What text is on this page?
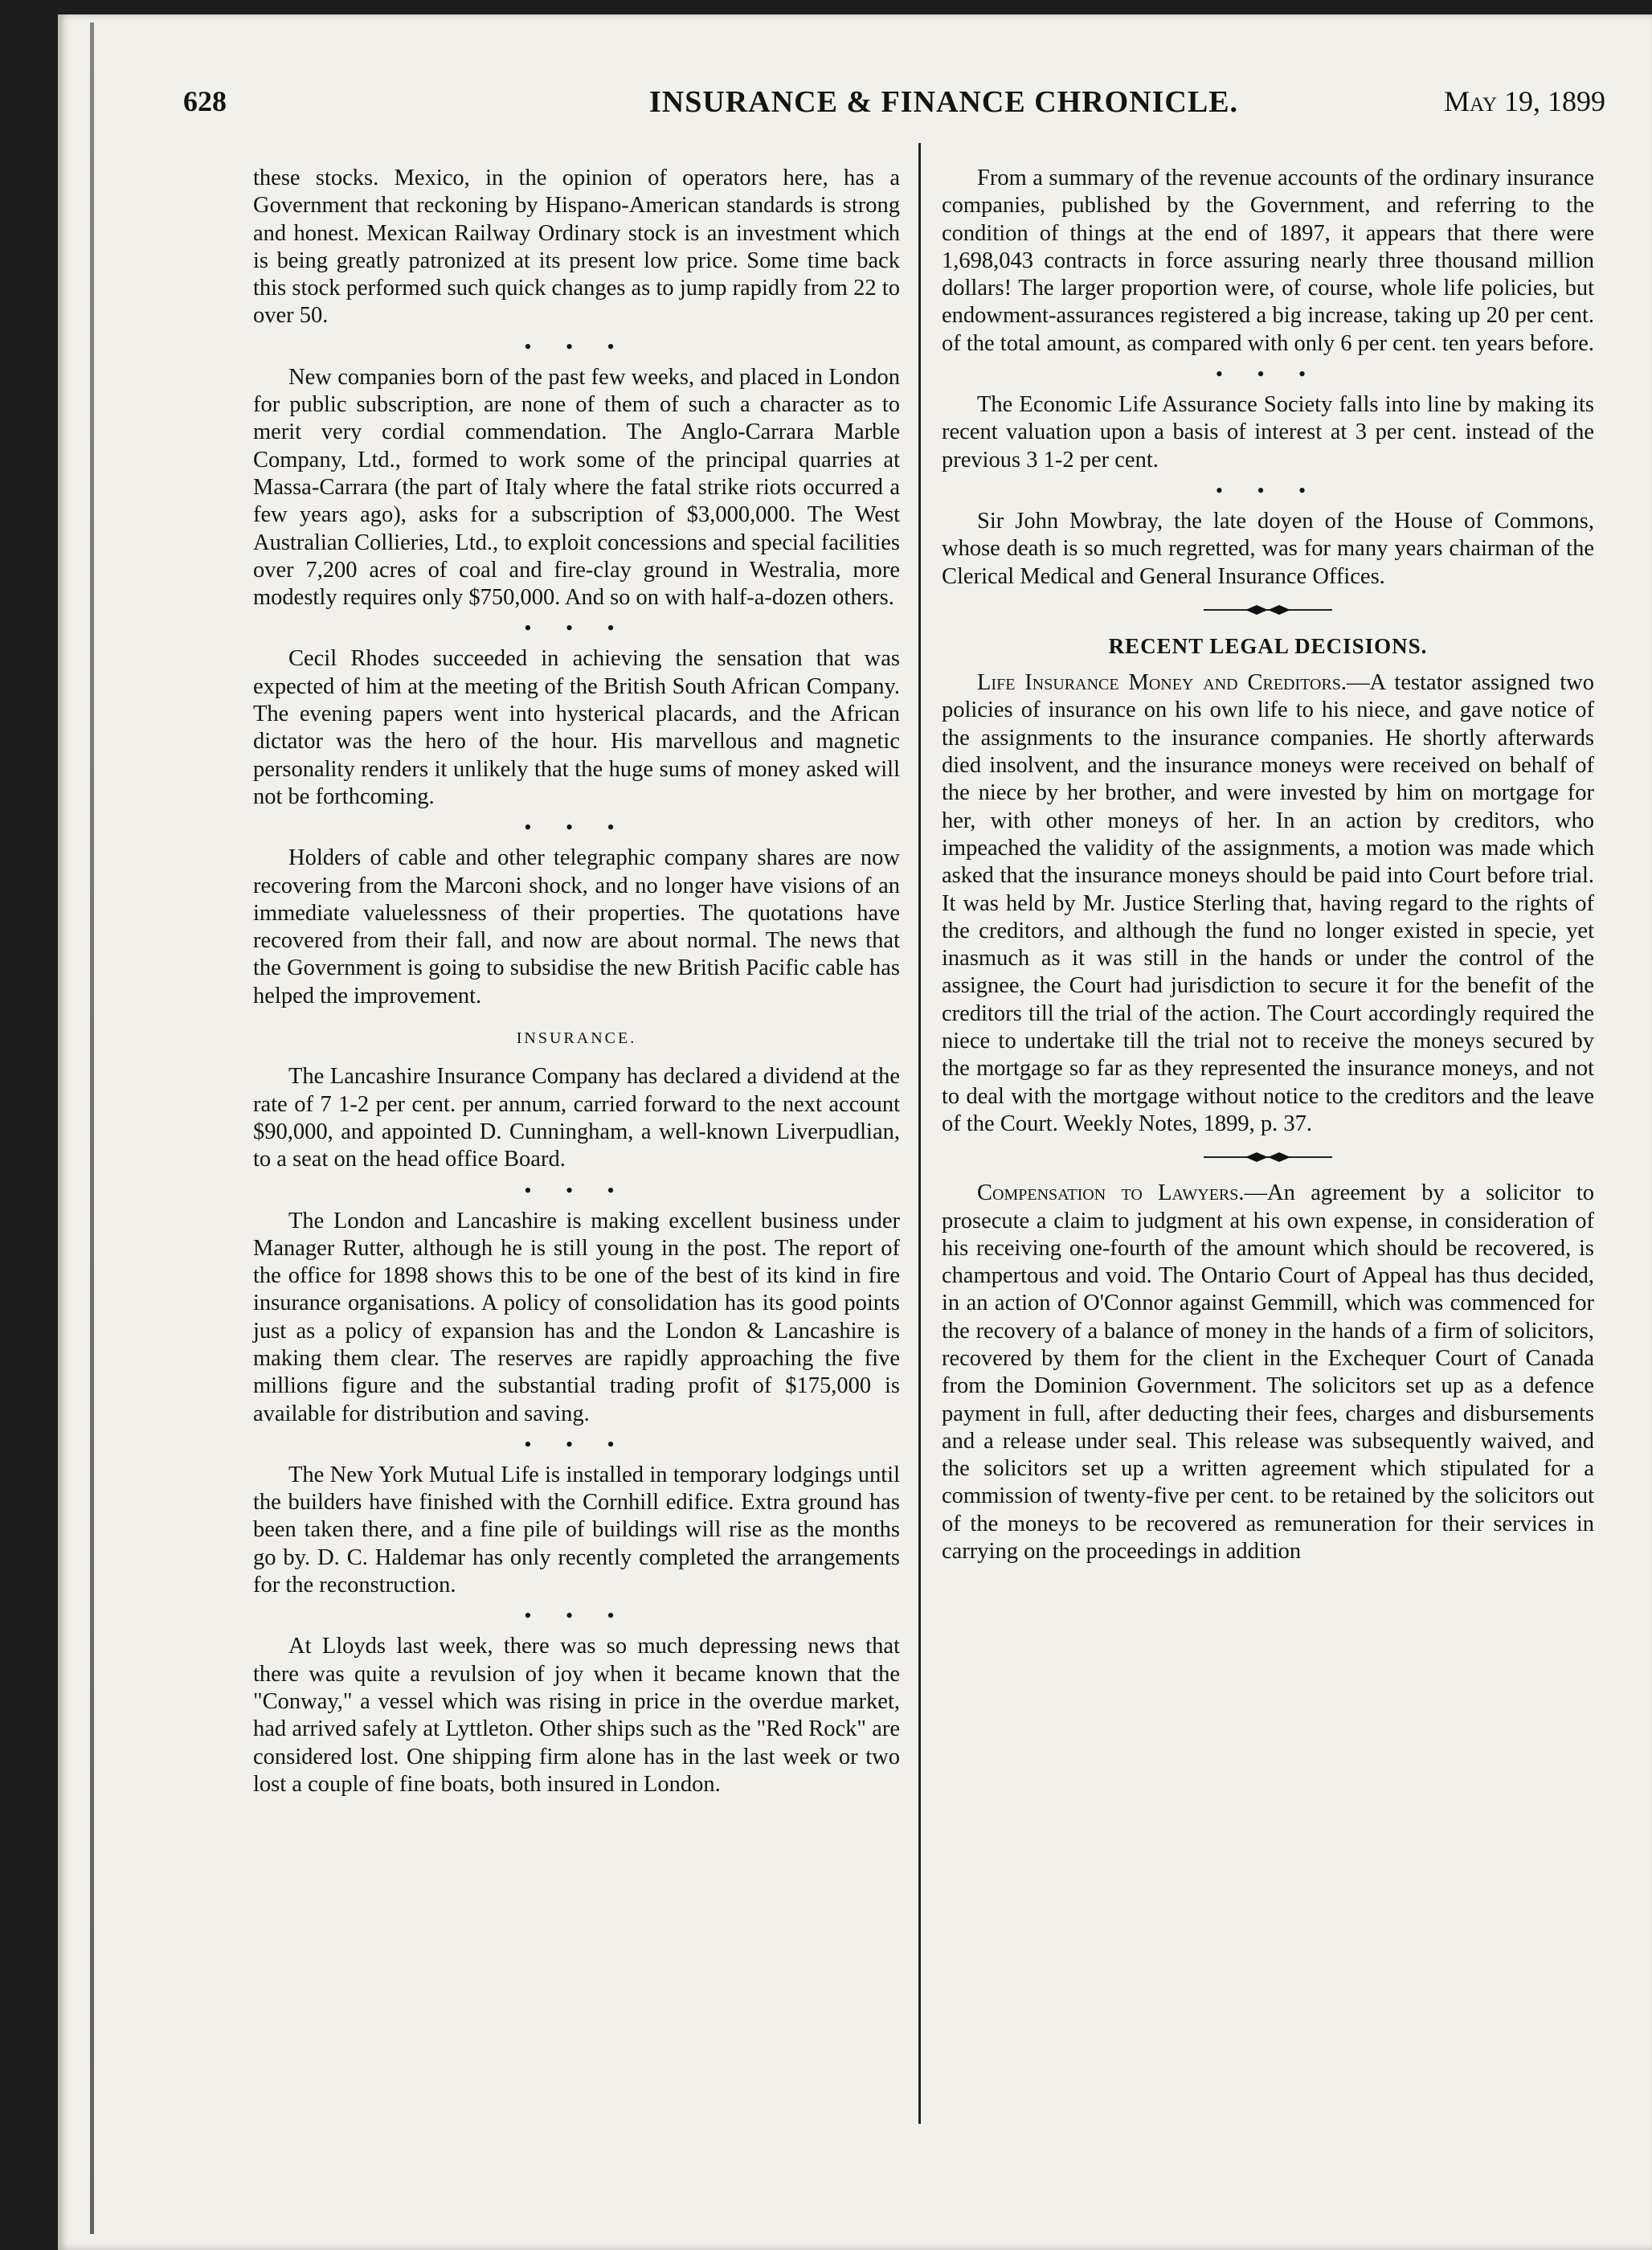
628	INSURANCE & FINANCE CHRONICLE.	May 19, 1899

these stocks. Mexico, in the opinion of operators here, has a Government that reckoning by Hispano-American standards is strong and honest. Mexican Railway Ordinary stock is an investment which is being greatly patronized at its present low price. Some time back this stock performed such quick changes as to jump rapidly from 22 to over 50.

• • •

New companies born of the past few weeks, and placed in London for public subscription, are none of them of such a character as to merit very cordial commendation. The Anglo-Carrara Marble Company, Ltd., formed to work some of the principal quarries at Massa-Carrara (the part of Italy where the fatal strike riots occurred a few years ago), asks for a subscription of $3,000,000. The West Australian Collieries, Ltd., to exploit concessions and special facilities over 7,200 acres of coal and fire-clay ground in Westralia, more modestly requires only $750,000. And so on with half-a-dozen others.

• • •

Cecil Rhodes succeeded in achieving the sensation that was expected of him at the meeting of the British South African Company. The evening papers went into hysterical placards, and the African dictator was the hero of the hour. His marvellous and magnetic personality renders it unlikely that the huge sums of money asked will not be forthcoming.

• • •

Holders of cable and other telegraphic company shares are now recovering from the Marconi shock, and no longer have visions of an immediate valuelessness of their properties. The quotations have recovered from their fall, and now are about normal. The news that the Government is going to subsidise the new British Pacific cable has helped the improvement.

INSURANCE.

The Lancashire Insurance Company has declared a dividend at the rate of 7 1-2 per cent. per annum, carried forward to the next account $90,000, and appointed D. Cunningham, a well-known Liverpudlian, to a seat on the head office Board.

• • •

The London and Lancashire is making excellent business under Manager Rutter, although he is still young in the post. The report of the office for 1898 shows this to be one of the best of its kind in fire insurance organisations. A policy of consolidation has its good points just as a policy of expansion has and the London & Lancashire is making them clear. The reserves are rapidly approaching the five millions figure and the substantial trading profit of $175,000 is available for distribution and saving.

• • •

The New York Mutual Life is installed in temporary lodgings until the builders have finished with the Cornhill edifice. Extra ground has been taken there, and a fine pile of buildings will rise as the months go by. D. C. Haldemar has only recently completed the arrangements for the reconstruction.

• • •

At Lloyds last week, there was so much depressing news that there was quite a revulsion of joy when it became known that the "Conway," a vessel which was rising in price in the overdue market, had arrived safely at Lyttleton. Other ships such as the "Red Rock" are considered lost. One shipping firm alone has in the last week or two lost a couple of fine boats, both insured in London.

From a summary of the revenue accounts of the ordinary insurance companies, published by the Government, and referring to the condition of things at the end of 1897, it appears that there were 1,698,043 contracts in force assuring nearly three thousand million dollars! The larger proportion were, of course, whole life policies, but endowment-assurances registered a big increase, taking up 20 per cent. of the total amount, as compared with only 6 per cent. ten years before.

• • •

The Economic Life Assurance Society falls into line by making its recent valuation upon a basis of interest at 3 per cent. instead of the previous 3 1-2 per cent.

• • •

Sir John Mowbray, the late doyen of the House of Commons, whose death is so much regretted, was for many years chairman of the Clerical Medical and General Insurance Offices.

RECENT LEGAL DECISIONS.

Life Insurance Money and Creditors.—A testator assigned two policies of insurance on his own life to his niece, and gave notice of the assignments to the insurance companies. He shortly afterwards died insolvent, and the insurance moneys were received on behalf of the niece by her brother, and were invested by him on mortgage for her, with other moneys of her. In an action by creditors, who impeached the validity of the assignments, a motion was made which asked that the insurance moneys should be paid into Court before trial. It was held by Mr. Justice Sterling that, having regard to the rights of the creditors, and although the fund no longer existed in specie, yet inasmuch as it was still in the hands or under the control of the assignee, the Court had jurisdiction to secure it for the benefit of the creditors till the trial of the action. The Court accordingly required the niece to undertake till the trial not to receive the moneys secured by the mortgage so far as they represented the insurance moneys, and not to deal with the mortgage without notice to the creditors and the leave of the Court. Weekly Notes, 1899, p. 37.

Compensation to Lawyers.—An agreement by a solicitor to prosecute a claim to judgment at his own expense, in consideration of his receiving one-fourth of the amount which should be recovered, is champertous and void. The Ontario Court of Appeal has thus decided, in an action of O'Connor against Gemmill, which was commenced for the recovery of a balance of money in the hands of a firm of solicitors, recovered by them for the client in the Exchequer Court of Canada from the Dominion Government. The solicitors set up as a defence payment in full, after deducting their fees, charges and disbursements and a release under seal. This release was subsequently waived, and the solicitors set up a written agreement which stipulated for a commission of twenty-five per cent. to be retained by the solicitors out of the moneys to be recovered as remuneration for their services in carrying on the proceedings in addition
